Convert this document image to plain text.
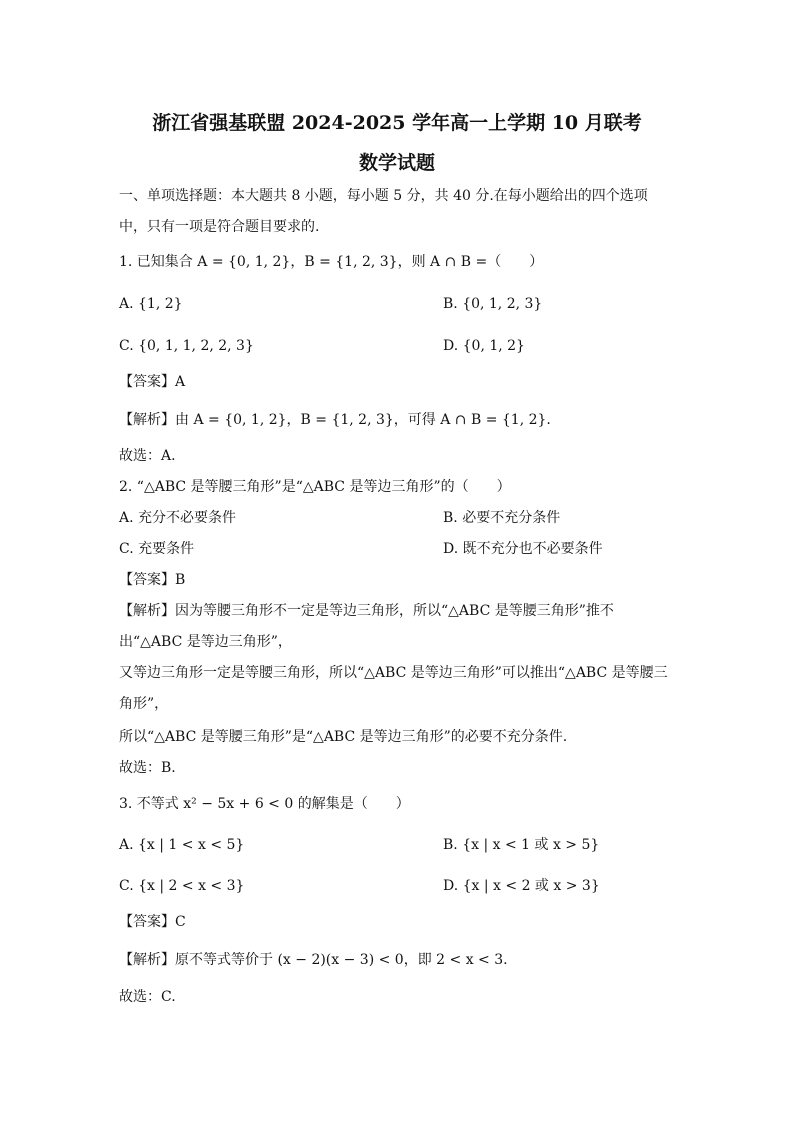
浙江省强基联盟 2024-2025 学年高一上学期 10 月联考
数学试题
一、单项选择题：本大题共 8 小题，每小题 5 分，共 40 分.在每小题给出的四个选项中，只有一项是符合题目要求的.
1. 已知集合 A = {0, 1, 2}，B = {1, 2, 3}，则 A ∩ B =（　　）
A. {1, 2}	B. {0, 1, 2, 3}
C. {0, 1, 1, 2, 2, 3}	D. {0, 1, 2}
【答案】A
【解析】由 A = {0, 1, 2}，B = {1, 2, 3}，可得 A ∩ B = {1, 2}.
故选：A.
2. “△ABC 是等腰三角形”是“△ABC 是等边三角形”的（　　）
A. 充分不必要条件	B. 必要不充分条件
C. 充要条件	D. 既不充分也不必要条件
【答案】B
【解析】因为等腰三角形不一定是等边三角形，所以“△ABC 是等腰三角形”推不出“△ABC 是等边三角形”，
又等边三角形一定是等腰三角形，所以“△ABC 是等边三角形”可以推出“△ABC 是等腰三角形”，
所以“△ABC 是等腰三角形”是“△ABC 是等边三角形”的必要不充分条件.
故选：B.
3. 不等式 x² − 5x + 6 < 0 的解集是（　　）
A. {x | 1 < x < 5}	B. {x | x < 1 或 x > 5}
C. {x | 2 < x < 3}	D. {x | x < 2 或 x > 3}
【答案】C
【解析】原不等式等价于 (x − 2)(x − 3) < 0，即 2 < x < 3.
故选：C.
